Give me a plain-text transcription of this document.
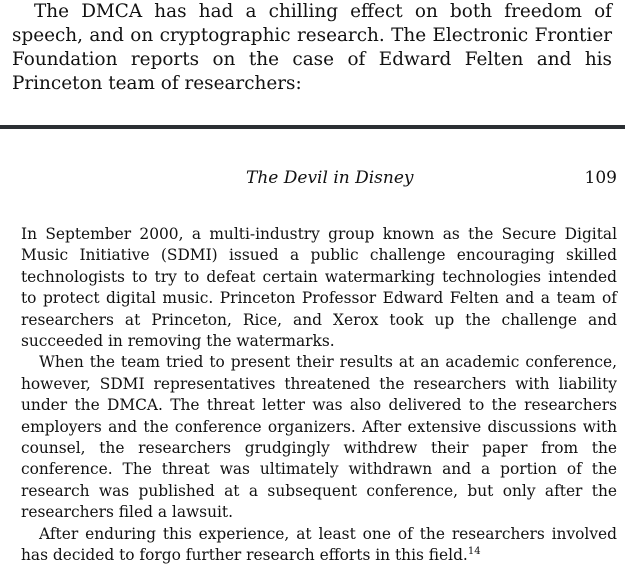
The DMCA has had a chilling effect on both freedom of speech, and on cryptographic research. The Electronic Frontier Foundation reports on the case of Edward Felten and his Princeton team of researchers:
The Devil in Disney	109

In September 2000, a multi-industry group known as the Secure Digital Music Initiative (SDMI) issued a public challenge encouraging skilled technologists to try to defeat certain watermarking technologies intended to protect digital music. Princeton Professor Edward Felten and a team of researchers at Princeton, Rice, and Xerox took up the challenge and succeeded in removing the watermarks.

When the team tried to present their results at an academic conference, however, SDMI representatives threatened the researchers with liability under the DMCA. The threat letter was also delivered to the researchers employers and the conference organizers. After extensive discussions with counsel, the researchers grudgingly withdrew their paper from the conference. The threat was ultimately withdrawn and a portion of the research was published at a subsequent conference, but only after the researchers filed a lawsuit.

After enduring this experience, at least one of the researchers involved has decided to forgo further research efforts in this field.$^{14}$
